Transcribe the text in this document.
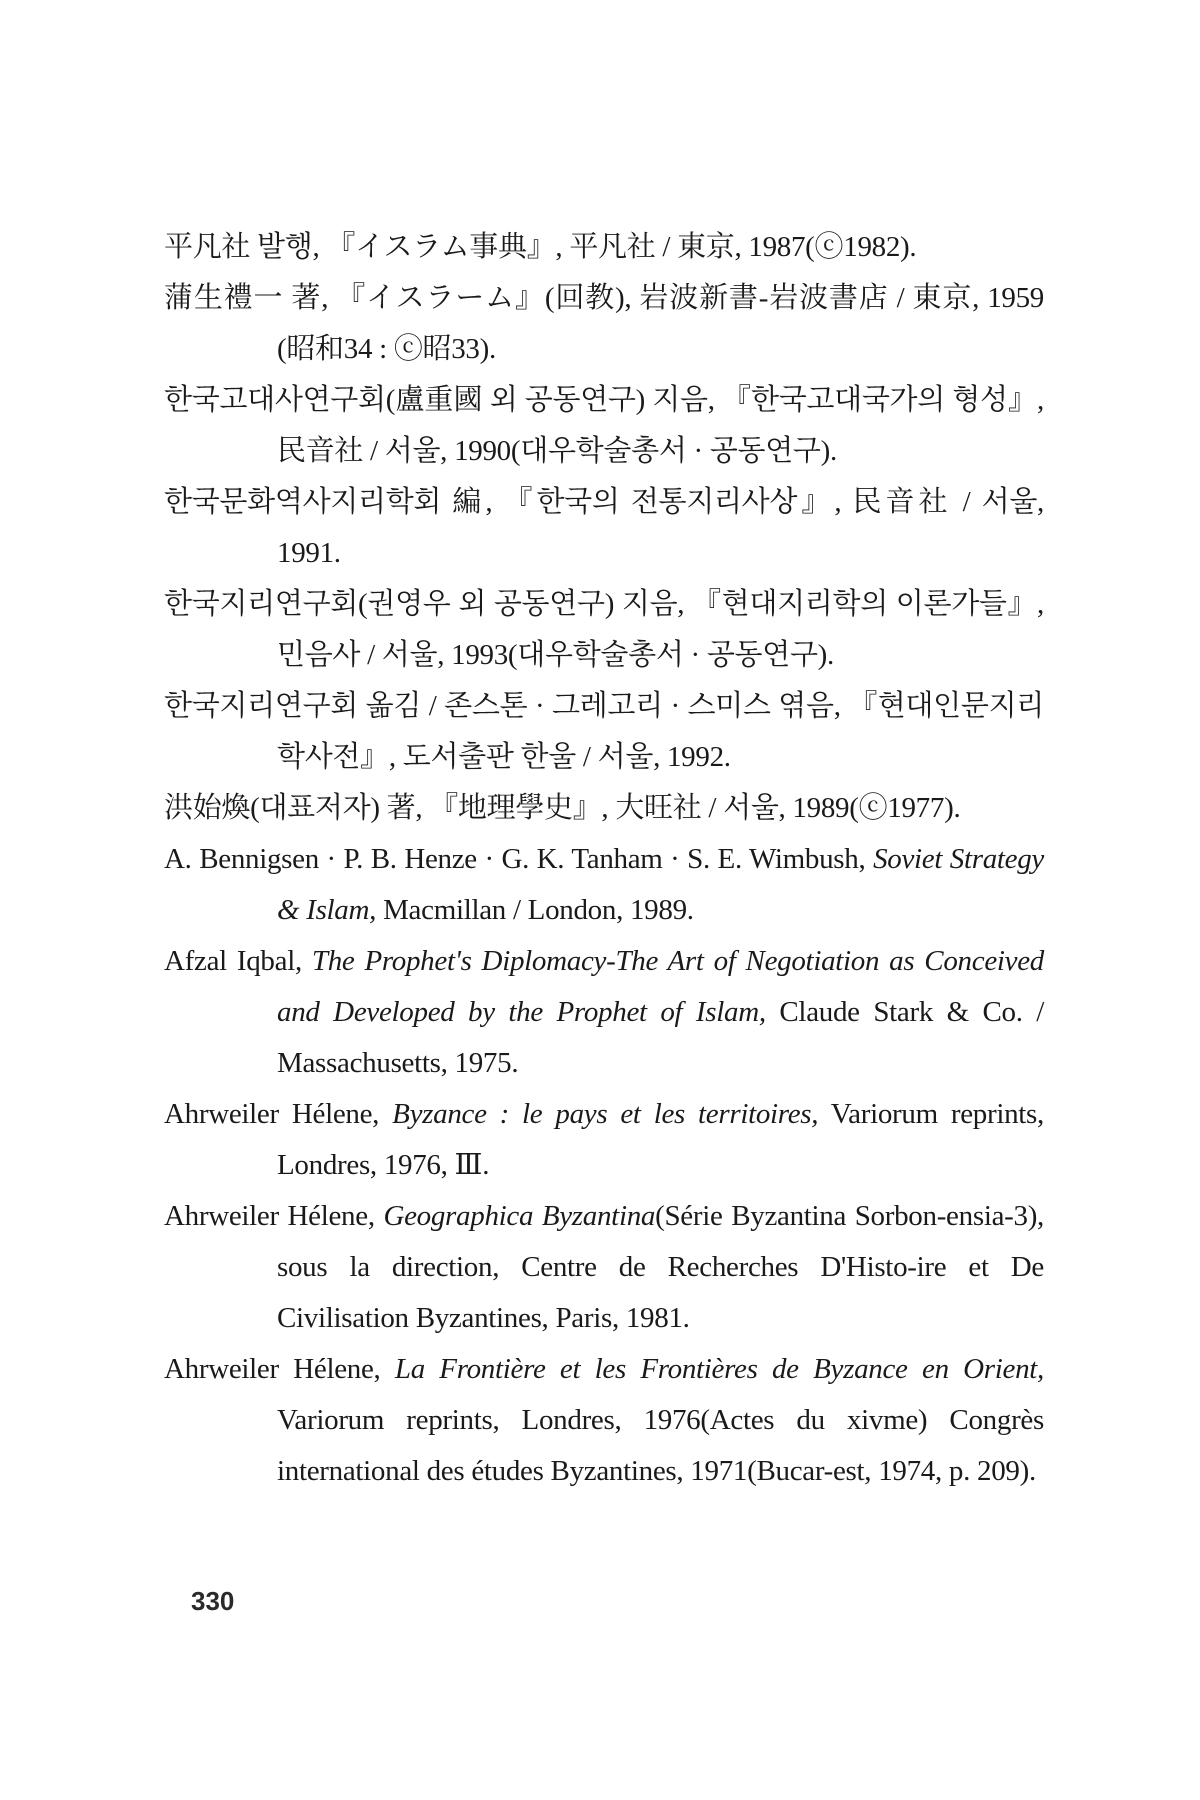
平凡社 발행, 『イスラム事典』, 平凡社 / 東京, 1987(ⓒ1982).
蒲生禮一 著, 『イスラーム』(回教), 岩波新書-岩波書店 / 東京, 1959 (昭和34 : ⓒ昭33).
한국고대사연구회(盧重國 외 공동연구) 지음, 『한국고대국가의 형성』, 民音社 / 서울, 1990(대우학술총서 · 공동연구).
한국문화역사지리학회 編, 『한국의 전통지리사상』, 民音社 / 서울, 1991.
한국지리연구회(권영우 외 공동연구) 지음, 『현대지리학의 이론가들』, 민음사 / 서울, 1993(대우학술총서 · 공동연구).
한국지리연구회 옮김 / 존스톤 · 그레고리 · 스미스 엮음, 『현대인문지리학사전』, 도서출판 한울 / 서울, 1992.
洪始煥(대표저자) 著, 『地理學史』, 大旺社 / 서울, 1989(ⓒ1977).
A. Bennigsen · P. B. Henze · G. K. Tanham · S. E. Wimbush, Soviet Strategy & Islam, Macmillan / London, 1989.
Afzal Iqbal, The Prophet's Diplomacy-The Art of Negotiation as Conceived and Developed by the Prophet of Islam, Claude Stark & Co. / Massachusetts, 1975.
Ahrweiler Hélene, Byzance : le pays et les territoires, Variorum reprints, Londres, 1976, Ⅲ.
Ahrweiler Hélene, Geographica Byzantina(Série Byzantina Sorbon-ensia-3), sous la direction, Centre de Recherches D'Histo-ire et De Civilisation Byzantines, Paris, 1981.
Ahrweiler Hélene, La Frontière et les Frontières de Byzance en Orient, Variorum reprints, Londres, 1976(Actes du xivme) Congrès international des études Byzantines, 1971(Bucar-est, 1974, p. 209).
330
